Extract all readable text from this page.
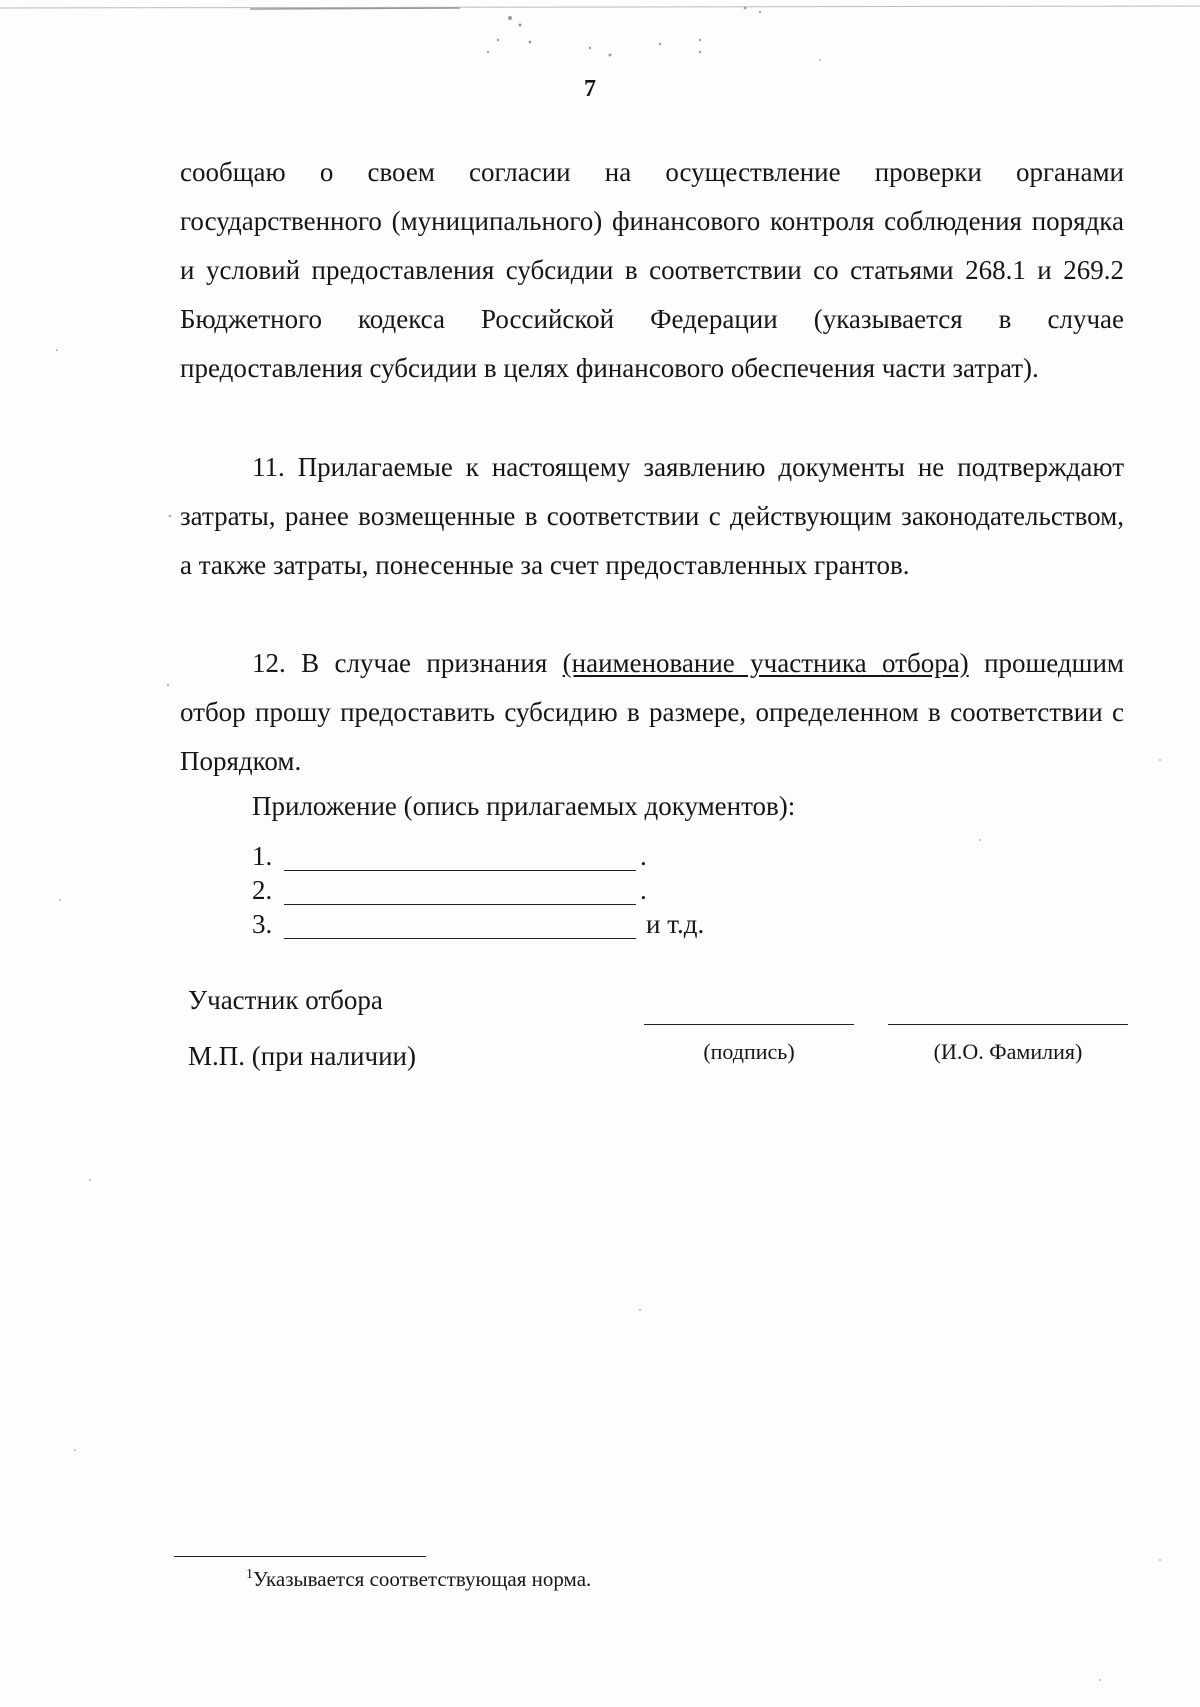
7

сообщаю о своем согласии на осуществление проверки органами государственного (муниципального) финансового контроля соблюдения порядка и условий предоставления субсидии в соответствии со статьями 268.1 и 269.2 Бюджетного кодекса Российской Федерации (указывается в случае предоставления субсидии в целях финансового обеспечения части затрат).

11. Прилагаемые к настоящему заявлению документы не подтверждают затраты, ранее возмещенные в соответствии с действующим законодательством, а также затраты, понесенные за счет предоставленных грантов.

12. В случае признания (наименование участника отбора) прошедшим отбор прошу предоставить субсидию в размере, определенном в соответствии с Порядком.

Приложение (опись прилагаемых документов):
1.	.
2.	.
3.	и т.д.
Участник отбора
М.П. (при наличии)	(подпись)	(И.О. Фамилия)
$^1$Указывается соответствующая норма.
